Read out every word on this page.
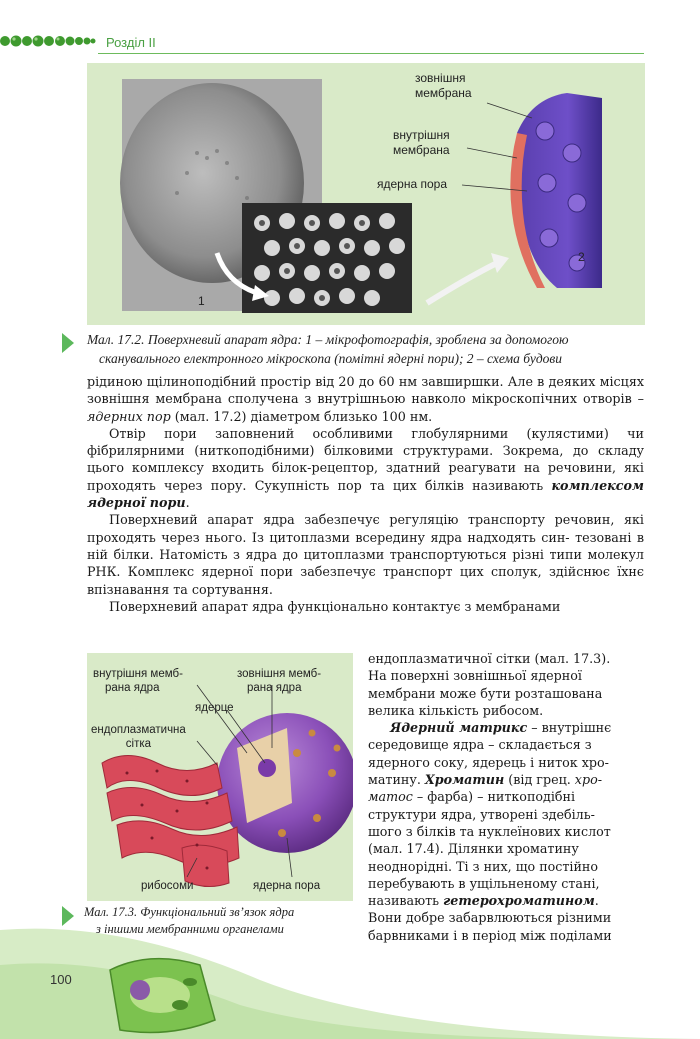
Розділ II
зовнішня
мембрана
внутрішня
мембрана
ядерна пора
1
2
Мал. 17.2. Поверхневий апарат ядра: 1 – мікрофотографія, зроблена за допомогою
сканувального електронного мікроскопа (помітні ядерні пори); 2 – схема будови

рідиною щілиноподібний простір від 20 до 60 нм завширшки. Але в деяких місцях зовнішня мембрана сполучена з внутрішньою навколо мікроскопічних отворів – ядерних пор (мал. 17.2) діаметром близько 100 нм.

Отвір пори заповнений особливими глобулярними (кулястими) чи фібрилярними (ниткоподібними) білковими структурами. Зокрема, до складу цього комплексу входить білок-рецептор, здатний реагувати на речовини, які проходять через пору. Сукупність пор та цих білків називають комплексом ядерної пори.

Поверхневий апарат ядра забезпечує регуляцію транспорту речовин, які проходять через нього. Із цитоплазми всередину ядра надходять син- тезовані в ній білки. Натомість з ядра до цитоплазми транспортуються різні типи молекул РНК. Комплекс ядерної пори забезпечує транспорт цих сполук, здійснює їхнє впізнавання та сортування.

Поверхневий апарат ядра функціонально контактує з мембранами

ендоплазматичної сітки (мал. 17.3).
На поверхні зовнішньої ядерної
мембрани може бути розташована
велика кількість рибосом.
Ядерний матрикс – внутрішнє
середовище ядра – складається з
ядерного соку, ядерець і ниток хро-
матину. Хроматин (від грец. хро-
матос – фарба) – ниткоподібні
структури ядра, утворені здебіль-
шого з білків та нуклеїнових кислот
(мал. 17.4). Ділянки хроматину
неоднорідні. Ті з них, що постійно
перебувають в ущільненому стані,
називають гетерохроматином.
Вони добре забарвлюються різними
барвниками і в період між поділами
внутрішня мемб-
рана ядра
зовнішня мемб-
рана ядра
ядерце
ендоплазматична
сітка
рибосоми	ядерна пора
Мал. 17.3. Функціональний зв’язок ядра
з іншими мембранними органелами
100
